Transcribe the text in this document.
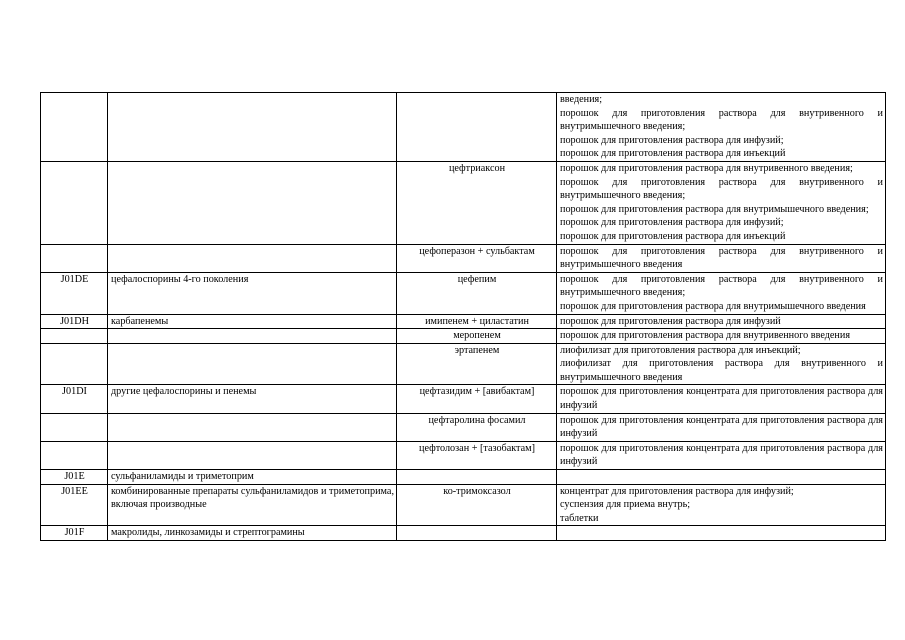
			введения;
порошок для приготовления раствора для внутривенного и внутримышечного введения;
порошок для приготовления раствора для инфузий;
порошок для приготовления раствора для инъекций

		цефтриаксон	порошок для приготовления раствора для внутривенного введения;
порошок для приготовления раствора для внутривенного и внутримышечного введения;
порошок для приготовления раствора для внутримышечного введения;
порошок для приготовления раствора для инфузий;
порошок для приготовления раствора для инъекций

		цефоперазон + сульбактам	порошок для приготовления раствора для внутривенного и внутримышечного введения

J01DE	цефалоспорины 4-го поколения	цефепим	порошок для приготовления раствора для внутривенного и внутримышечного введения;
порошок для приготовления раствора для внутримышечного введения

J01DH	карбапенемы	имипенем + циластатин	порошок для приготовления раствора для инфузий

		меропенем	порошок для приготовления раствора для внутривенного введения

		эртапенем	лиофилизат для приготовления раствора для инъекций;
лиофилизат для приготовления раствора для внутривенного и внутримышечного введения

J01DI	другие цефалоспорины и пенемы	цефтазидим + [авибактам]	порошок для приготовления концентрата для приготовления раствора для инфузий

		цефтаролина фосамил	порошок для приготовления концентрата для приготовления раствора для инфузий

		цефтолозан + [тазобактам]	порошок для приготовления концентрата для приготовления раствора для инфузий

J01E	сульфаниламиды и триметоприм		
J01EE	комбинированные препараты сульфаниламидов и триметоприма, включая производные	ко-тримоксазол	концентрат для приготовления раствора для инфузий;
суспензия для приема внутрь;
таблетки

J01F	макролиды, линкозамиды и стрептограмины		
